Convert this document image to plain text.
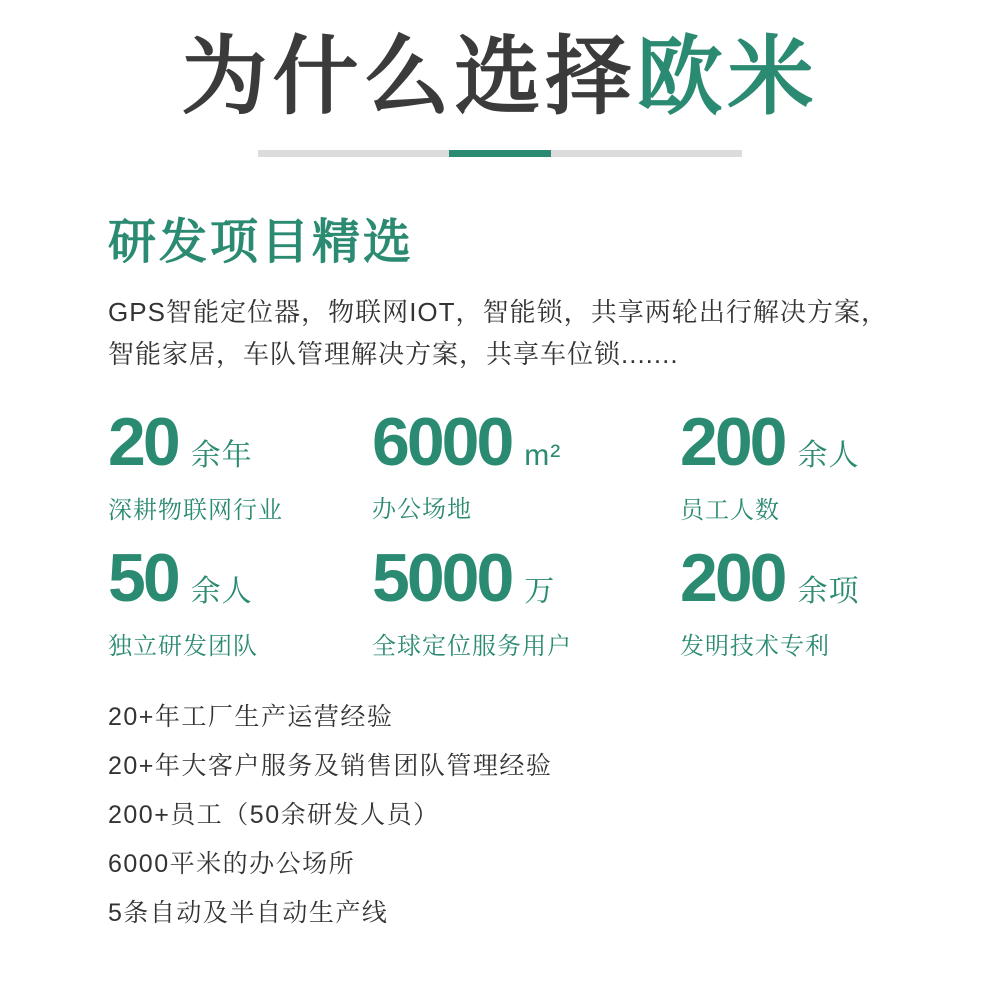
为什么选择欧米
研发项目精选

GPS智能定位器，物联网IOT，智能锁，共享两轮出行解决方案，智能家居，车队管理解决方案，共享车位锁.......

20 余年
深耕物联网行业
6000 m²
办公场地
200 余人
员工人数
50 余人
独立研发团队
5000 万
全球定位服务用户
200 余项
发明技术专利
20+年工厂生产运营经验
20+年大客户服务及销售团队管理经验
200+员工（50余研发人员）
6000平米的办公场所
5条自动及半自动生产线
